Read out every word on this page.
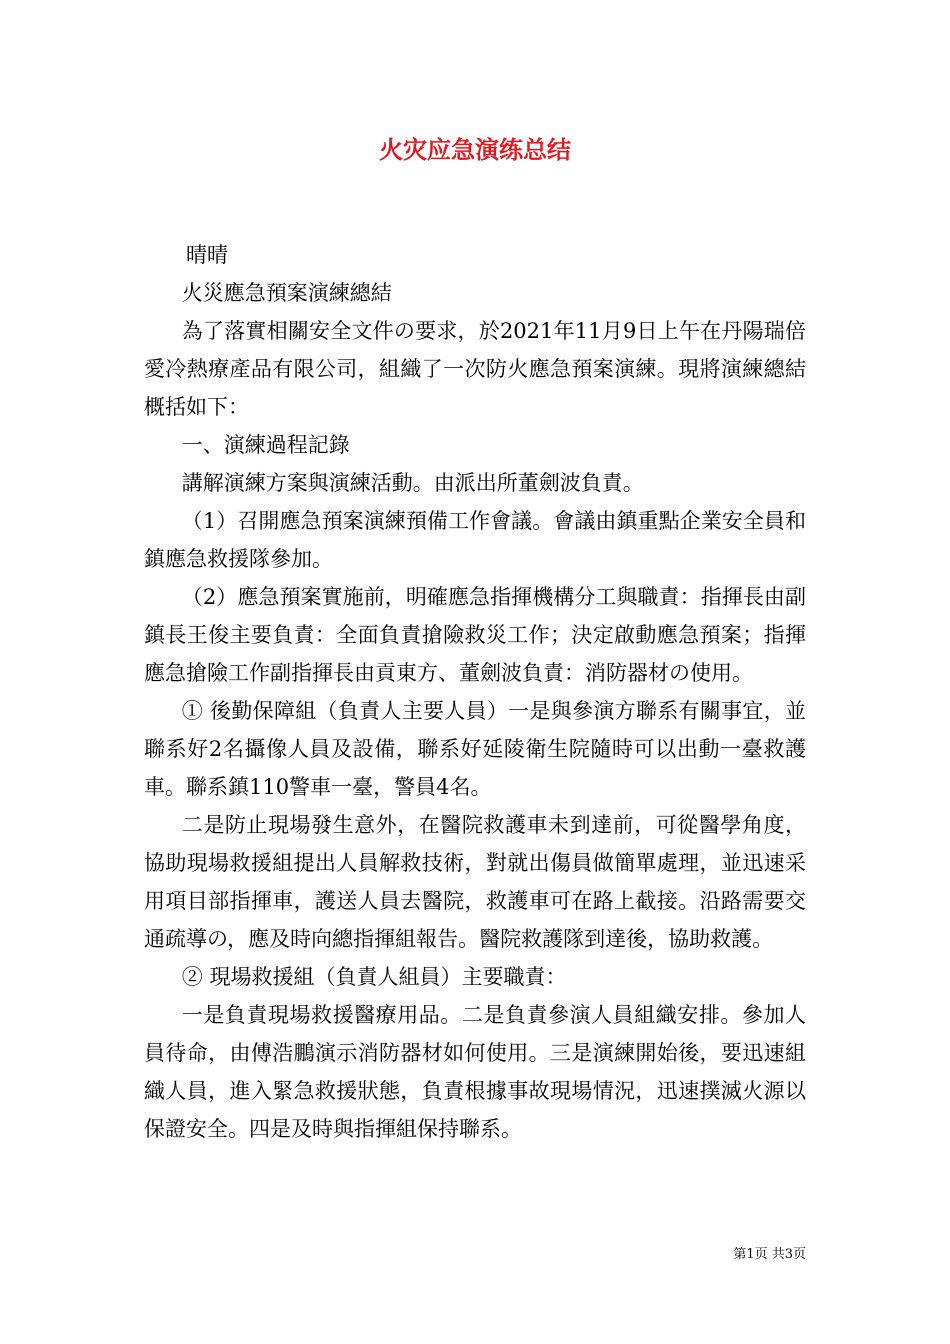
火灾应急演练总结

晴晴

火災應急預案演練總結

為了落實相關安全文件の要求，於2021年11月9日上午在丹陽瑞倍愛冷熱療產品有限公司，組織了一次防火應急預案演練。現將演練總結概括如下：

一、演練過程記錄

講解演練方案與演練活動。由派出所董劍波負責。

（1）召開應急預案演練預備工作會議。會議由鎮重點企業安全員和鎮應急救援隊參加。

（2）應急預案實施前，明確應急指揮機構分工與職責：指揮長由副鎮長王俊主要負責：全面負責搶險救災工作；決定啟動應急預案；指揮應急搶險工作副指揮長由貢東方、董劍波負責：消防器材の使用。

① 後勤保障組（負責人主要人員）一是與參演方聯系有關事宜，並聯系好2名攝像人員及設備，聯系好延陵衛生院隨時可以出動一臺救護車。聯系鎮110警車一臺，警員4名。

二是防止現場發生意外，在醫院救護車未到達前，可從醫學角度，協助現場救援組提出人員解救技術，對就出傷員做簡單處理，並迅速采用項目部指揮車，護送人員去醫院，救護車可在路上截接。沿路需要交通疏導の，應及時向總指揮組報告。醫院救護隊到達後，協助救護。

② 現場救援組（負責人組員）主要職責：

一是負責現場救援醫療用品。二是負責參演人員組織安排。參加人員待命，由傅浩鵬演示消防器材如何使用。三是演練開始後，要迅速組織人員，進入緊急救援狀態，負責根據事故現場情況，迅速撲滅火源以保證安全。四是及時與指揮組保持聯系。

第1页 共3页
